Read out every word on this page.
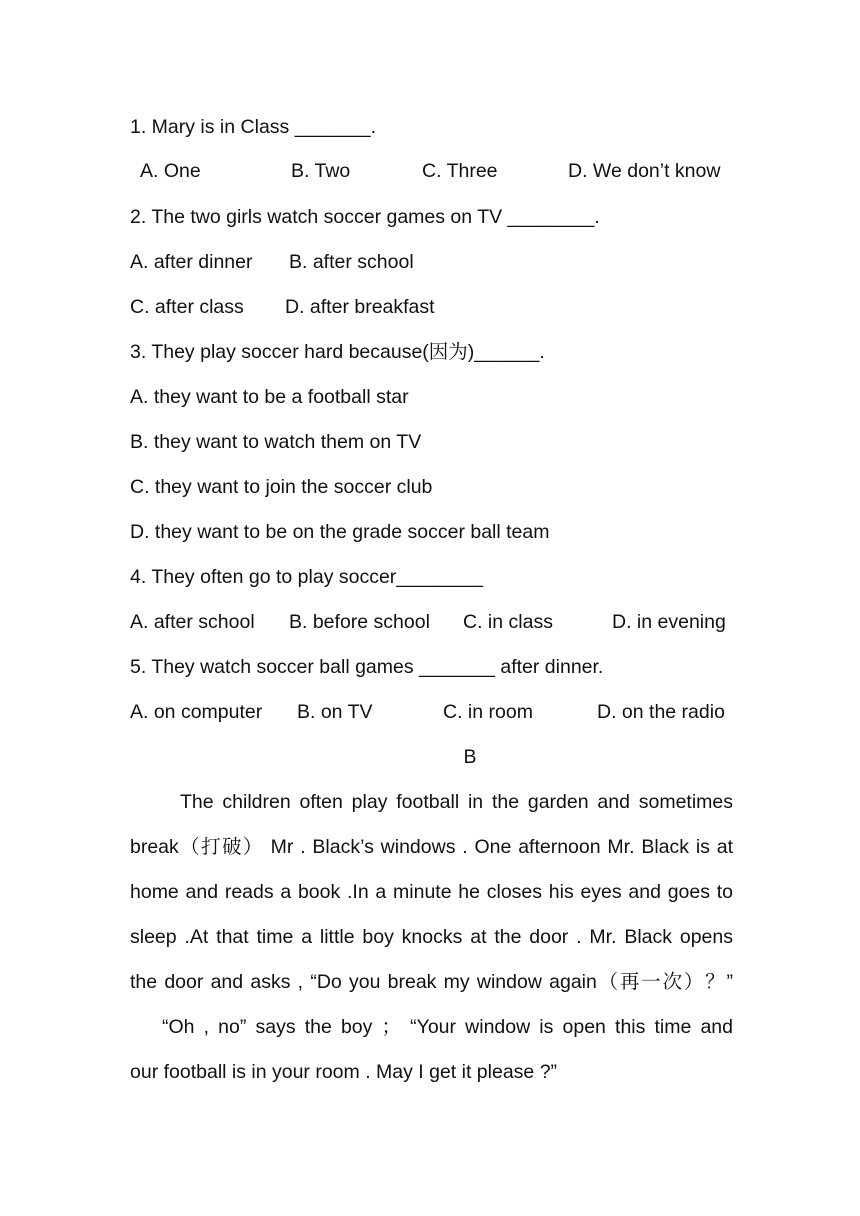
1. Mary is in Class _______.
A. One	B. Two	C. Three	D. We don’t know
2. The two girls watch soccer games on TV ________.
A. after dinner B. after school
C. after class D. after breakfast
3. They play soccer hard because(因为)______.
A. they want to be a football star
B. they want to watch them on TV
C. they want to join the soccer club
D. they want to be on the grade soccer ball team
4. They often go to play soccer________
A. after school B. before school C. in class	D. in evening
5. They watch soccer ball games _______ after dinner.
A. on computer B. on TV	C. in room	D. on the radio
B
The children often play football in the garden and sometimes
break（打破） Mr . Black’s windows . One afternoon Mr. Black is at
home and reads a book .In a minute he closes his eyes and goes to
sleep .At that time a little boy knocks at the door . Mr. Black opens
the door and asks , “Do you break my window again（再一次）？”
“Oh , no” says the boy ； “Your window is open this time and
our football is in your room . May I get it please ?”
